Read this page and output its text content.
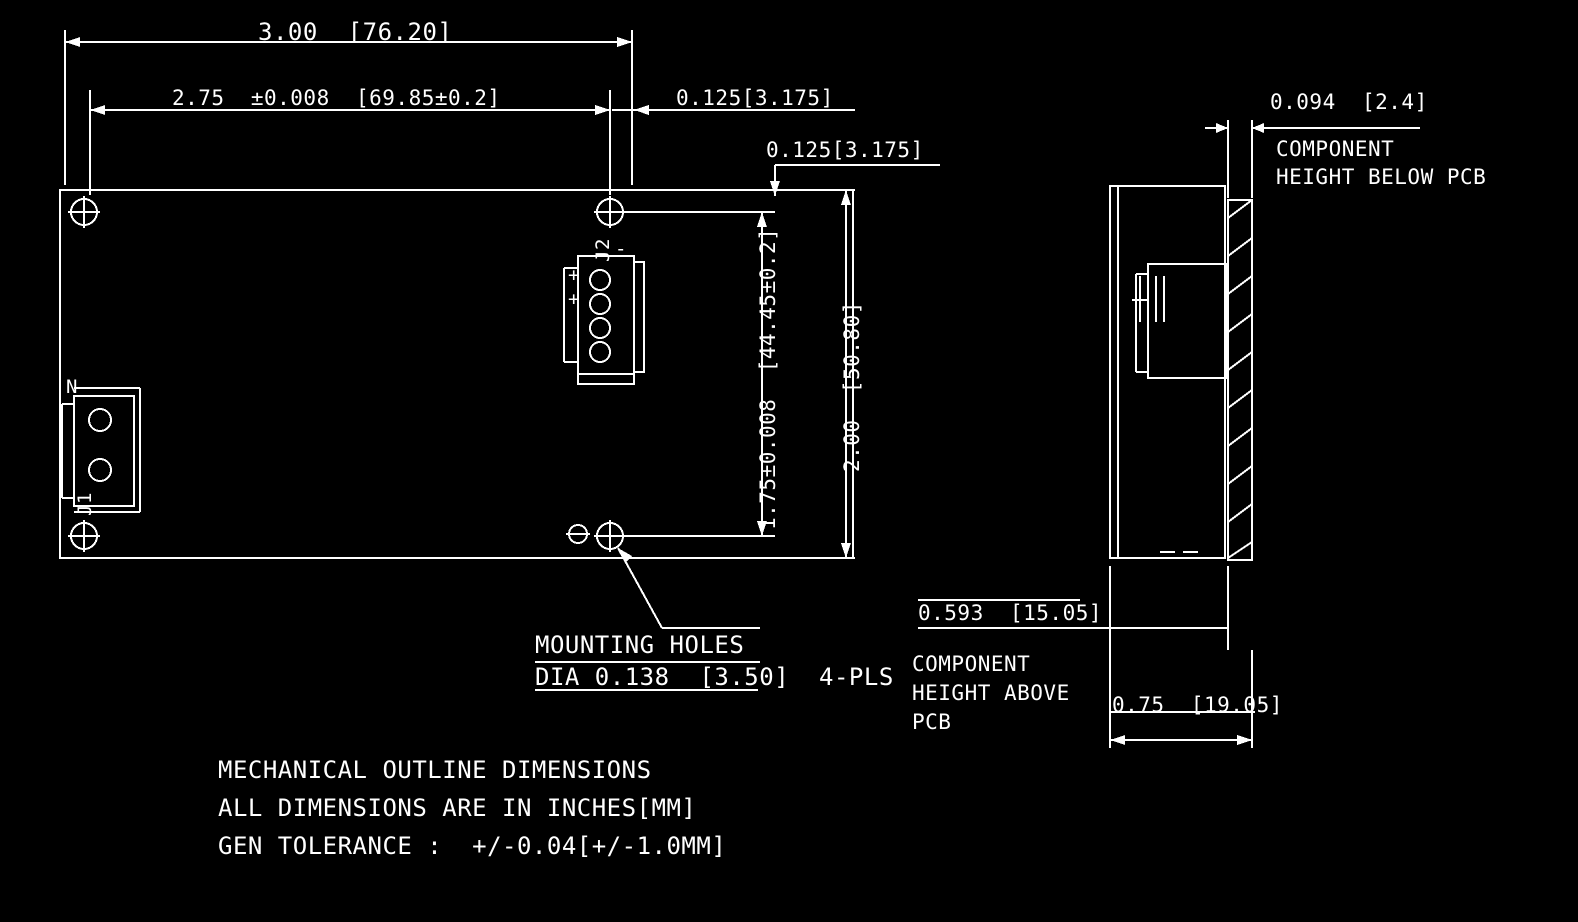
3.00  [76.20]
2.75  ±0.008  [69.85±0.2]	0.125[3.175]
0.125[3.175]
1.75±0.008  [44.45±0.2]	2.00  [50.80]
J2 -
+
+
N
J1
MOUNTING HOLES
DIA 0.138  [3.50]  4-PLS
0.094  [2.4]
COMPONENT
HEIGHT BELOW PCB
0.593  [15.05]
COMPONENT
HEIGHT ABOVE
PCB
0.75  [19.05]
MECHANICAL OUTLINE DIMENSIONS
ALL DIMENSIONS ARE IN INCHES[MM]
GEN TOLERANCE :  +/-0.04[+/-1.0MM]
